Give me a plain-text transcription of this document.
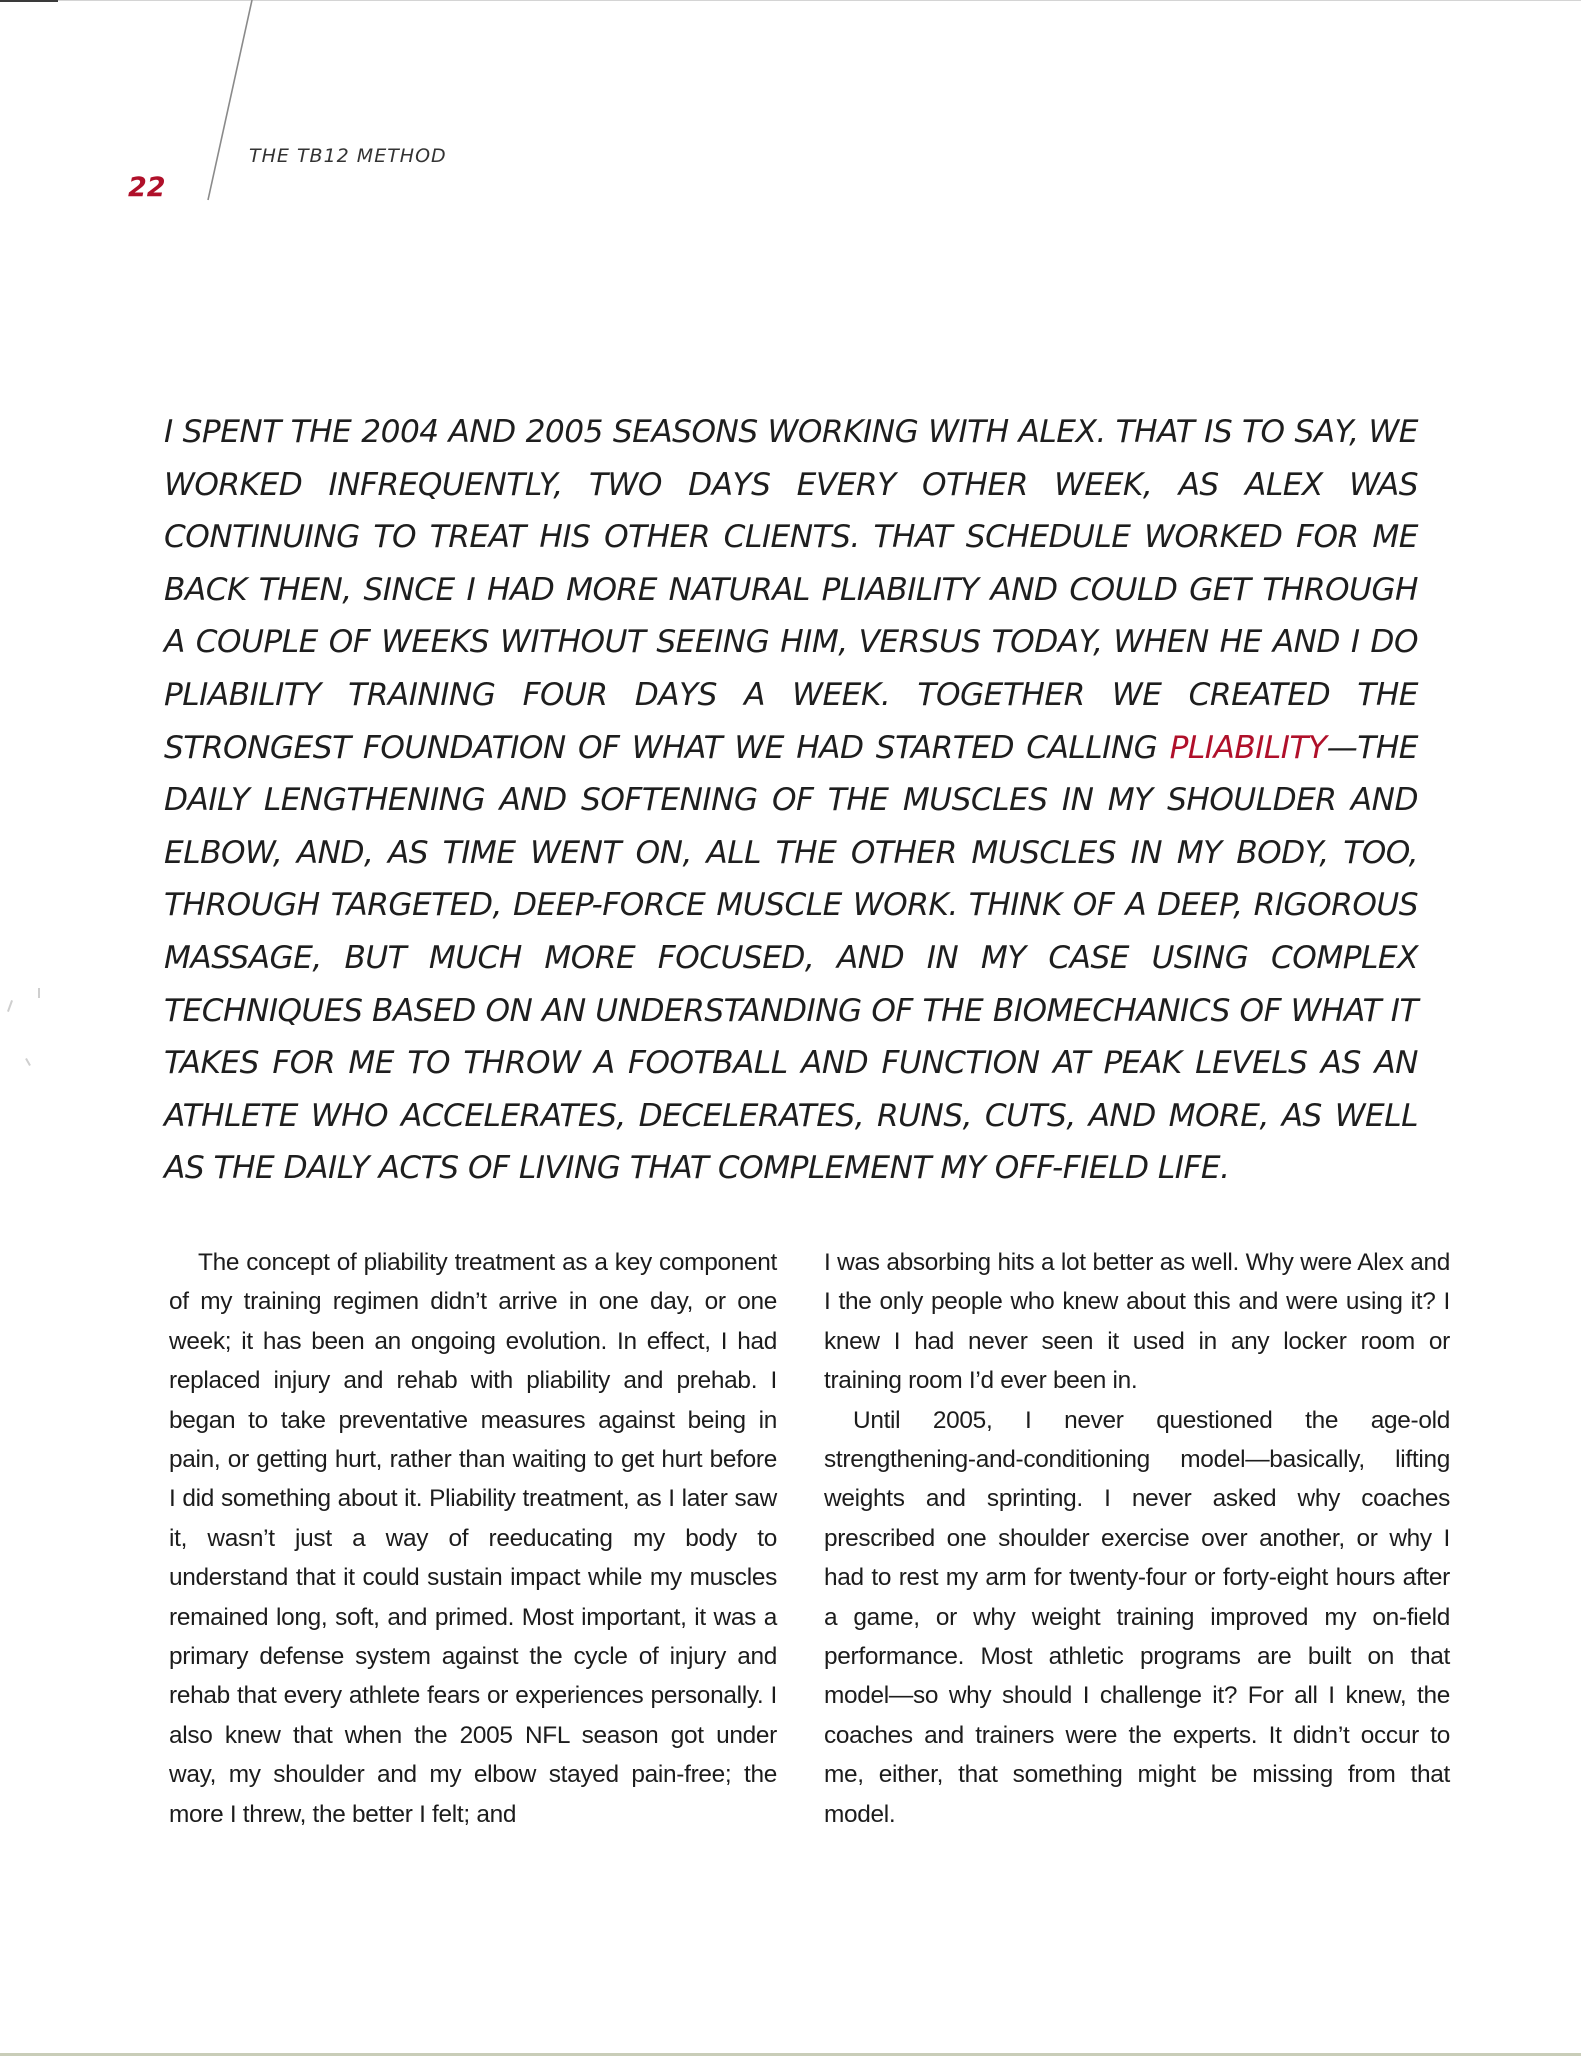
THE TB12 METHOD
22
I SPENT THE 2004 AND 2005 SEASONS WORKING WITH ALEX. THAT IS TO SAY, WE WORKED INFREQUENTLY, TWO DAYS EVERY OTHER WEEK, AS ALEX WAS CONTINUING TO TREAT HIS OTHER CLIENTS. THAT SCHEDULE WORKED FOR ME BACK THEN, SINCE I HAD MORE NATURAL PLIABILITY AND COULD GET THROUGH A COUPLE OF WEEKS WITHOUT SEEING HIM, VERSUS TODAY, WHEN HE AND I DO PLIABILITY TRAINING FOUR DAYS A WEEK. TOGETHER WE CREATED THE STRONGEST FOUNDATION OF WHAT WE HAD STARTED CALLING PLIABILITY—THE DAILY LENGTHENING AND SOFTENING OF THE MUSCLES IN MY SHOULDER AND ELBOW, AND, AS TIME WENT ON, ALL THE OTHER MUSCLES IN MY BODY, TOO, THROUGH TARGETED, DEEP-FORCE MUSCLE WORK. THINK OF A DEEP, RIGOROUS MASSAGE, BUT MUCH MORE FOCUSED, AND IN MY CASE USING COMPLEX TECHNIQUES BASED ON AN UNDERSTANDING OF THE BIOMECHANICS OF WHAT IT TAKES FOR ME TO THROW A FOOTBALL AND FUNCTION AT PEAK LEVELS AS AN ATHLETE WHO ACCELERATES, DECELERATES, RUNS, CUTS, AND MORE, AS WELL AS THE DAILY ACTS OF LIVING THAT COMPLEMENT MY OFF-FIELD LIFE.

The concept of pliability treatment as a key component of my training regimen didn’t arrive in one day, or one week; it has been an ongoing evolution. In effect, I had replaced injury and rehab with pliability and prehab. I began to take preventative measures against being in pain, or getting hurt, rather than waiting to get hurt before I did something about it. Pliability treatment, as I later saw it, wasn’t just a way of reeducating my body to understand that it could sustain impact while my muscles remained long, soft, and primed. Most important, it was a primary defense system against the cycle of injury and rehab that every athlete fears or experiences personally. I also knew that when the 2005 NFL season got under way, my shoulder and my elbow stayed pain-free; the more I threw, the better I felt; and

I was absorbing hits a lot better as well. Why were Alex and I the only people who knew about this and were using it? I knew I had never seen it used in any locker room or training room I’d ever been in.

Until 2005, I never questioned the age-old strengthening-and-conditioning model—basically, lifting weights and sprinting. I never asked why coaches prescribed one shoulder exercise over another, or why I had to rest my arm for twenty-four or forty-eight hours after a game, or why weight training improved my on-field performance. Most athletic programs are built on that model—so why should I challenge it? For all I knew, the coaches and trainers were the experts. It didn’t occur to me, either, that something might be missing from that model.
